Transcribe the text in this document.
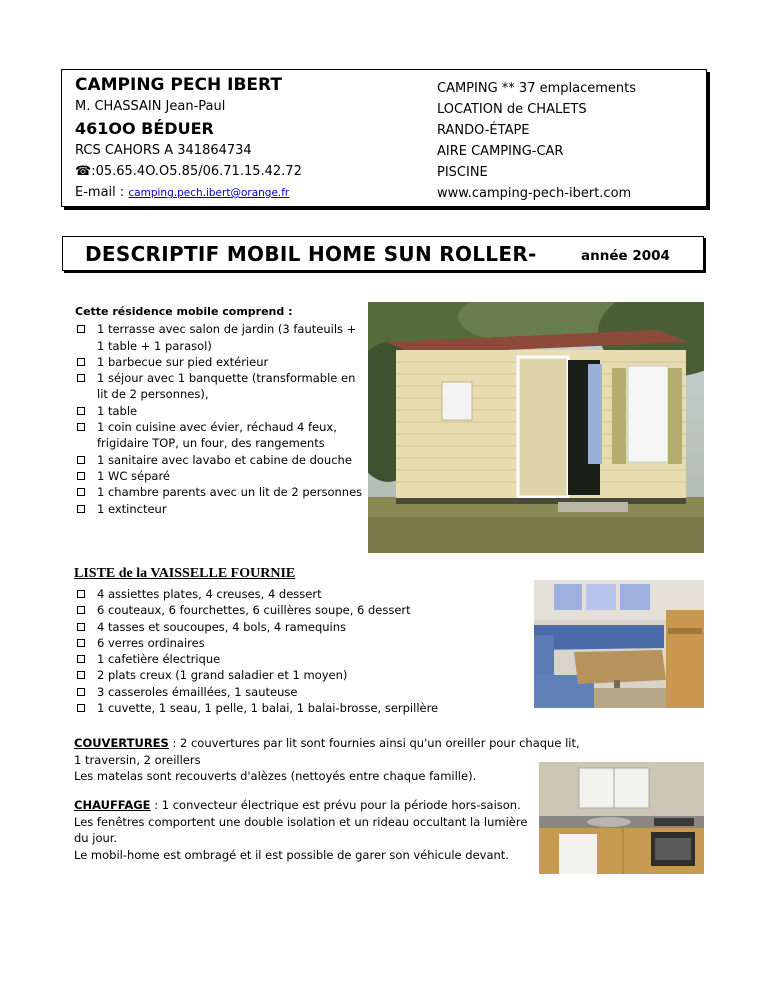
CAMPING PECH IBERT
M. CHASSAIN Jean-Paul
461OO BÉDUER
RCS CAHORS A 341864734
☎:05.65.4O.O5.85/06.71.15.42.72
E-mail : camping.pech.ibert@orange.fr
CAMPING ** 37 emplacements
LOCATION de CHALETS
RANDO-ÉTAPE
AIRE CAMPING-CAR
PISCINE
www.camping-pech-ibert.com
DESCRIPTIF MOBIL HOME SUN ROLLER-	année 2004
Cette résidence mobile comprend :
1 terrasse avec salon de jardin (3 fauteuils + 1 table + 1 parasol)
1 barbecue sur pied extérieur
1 séjour avec 1 banquette (transformable en lit de 2 personnes),
1 table
1 coin cuisine avec évier, réchaud 4 feux, frigidaire TOP, un four, des rangements
1 sanitaire avec lavabo et cabine de douche
1 WC séparé
1 chambre parents avec un lit de 2 personnes
1 extincteur
LISTE de la VAISSELLE FOURNIE
4 assiettes plates, 4 creuses, 4 dessert
6 couteaux, 6 fourchettes, 6 cuillères soupe, 6 dessert
4 tasses et soucoupes, 4 bols, 4 ramequins
6 verres ordinaires
1 cafetière électrique
2 plats creux (1 grand saladier et 1 moyen)
3 casseroles émaillées, 1 sauteuse
1 cuvette, 1 seau, 1 pelle, 1 balai, 1 balai-brosse, serpillère
COUVERTURES : 2 couvertures par lit sont fournies ainsi qu'un oreiller pour chaque lit,
1 traversin, 2 oreillers
Les matelas sont recouverts d'alèzes (nettoyés entre chaque famille).
CHAUFFAGE : 1 convecteur électrique est prévu pour la période hors-saison. Les fenêtres comportent une double isolation et un rideau occultant la lumière du jour.
Le mobil-home est ombragé et il est possible de garer son véhicule devant.
